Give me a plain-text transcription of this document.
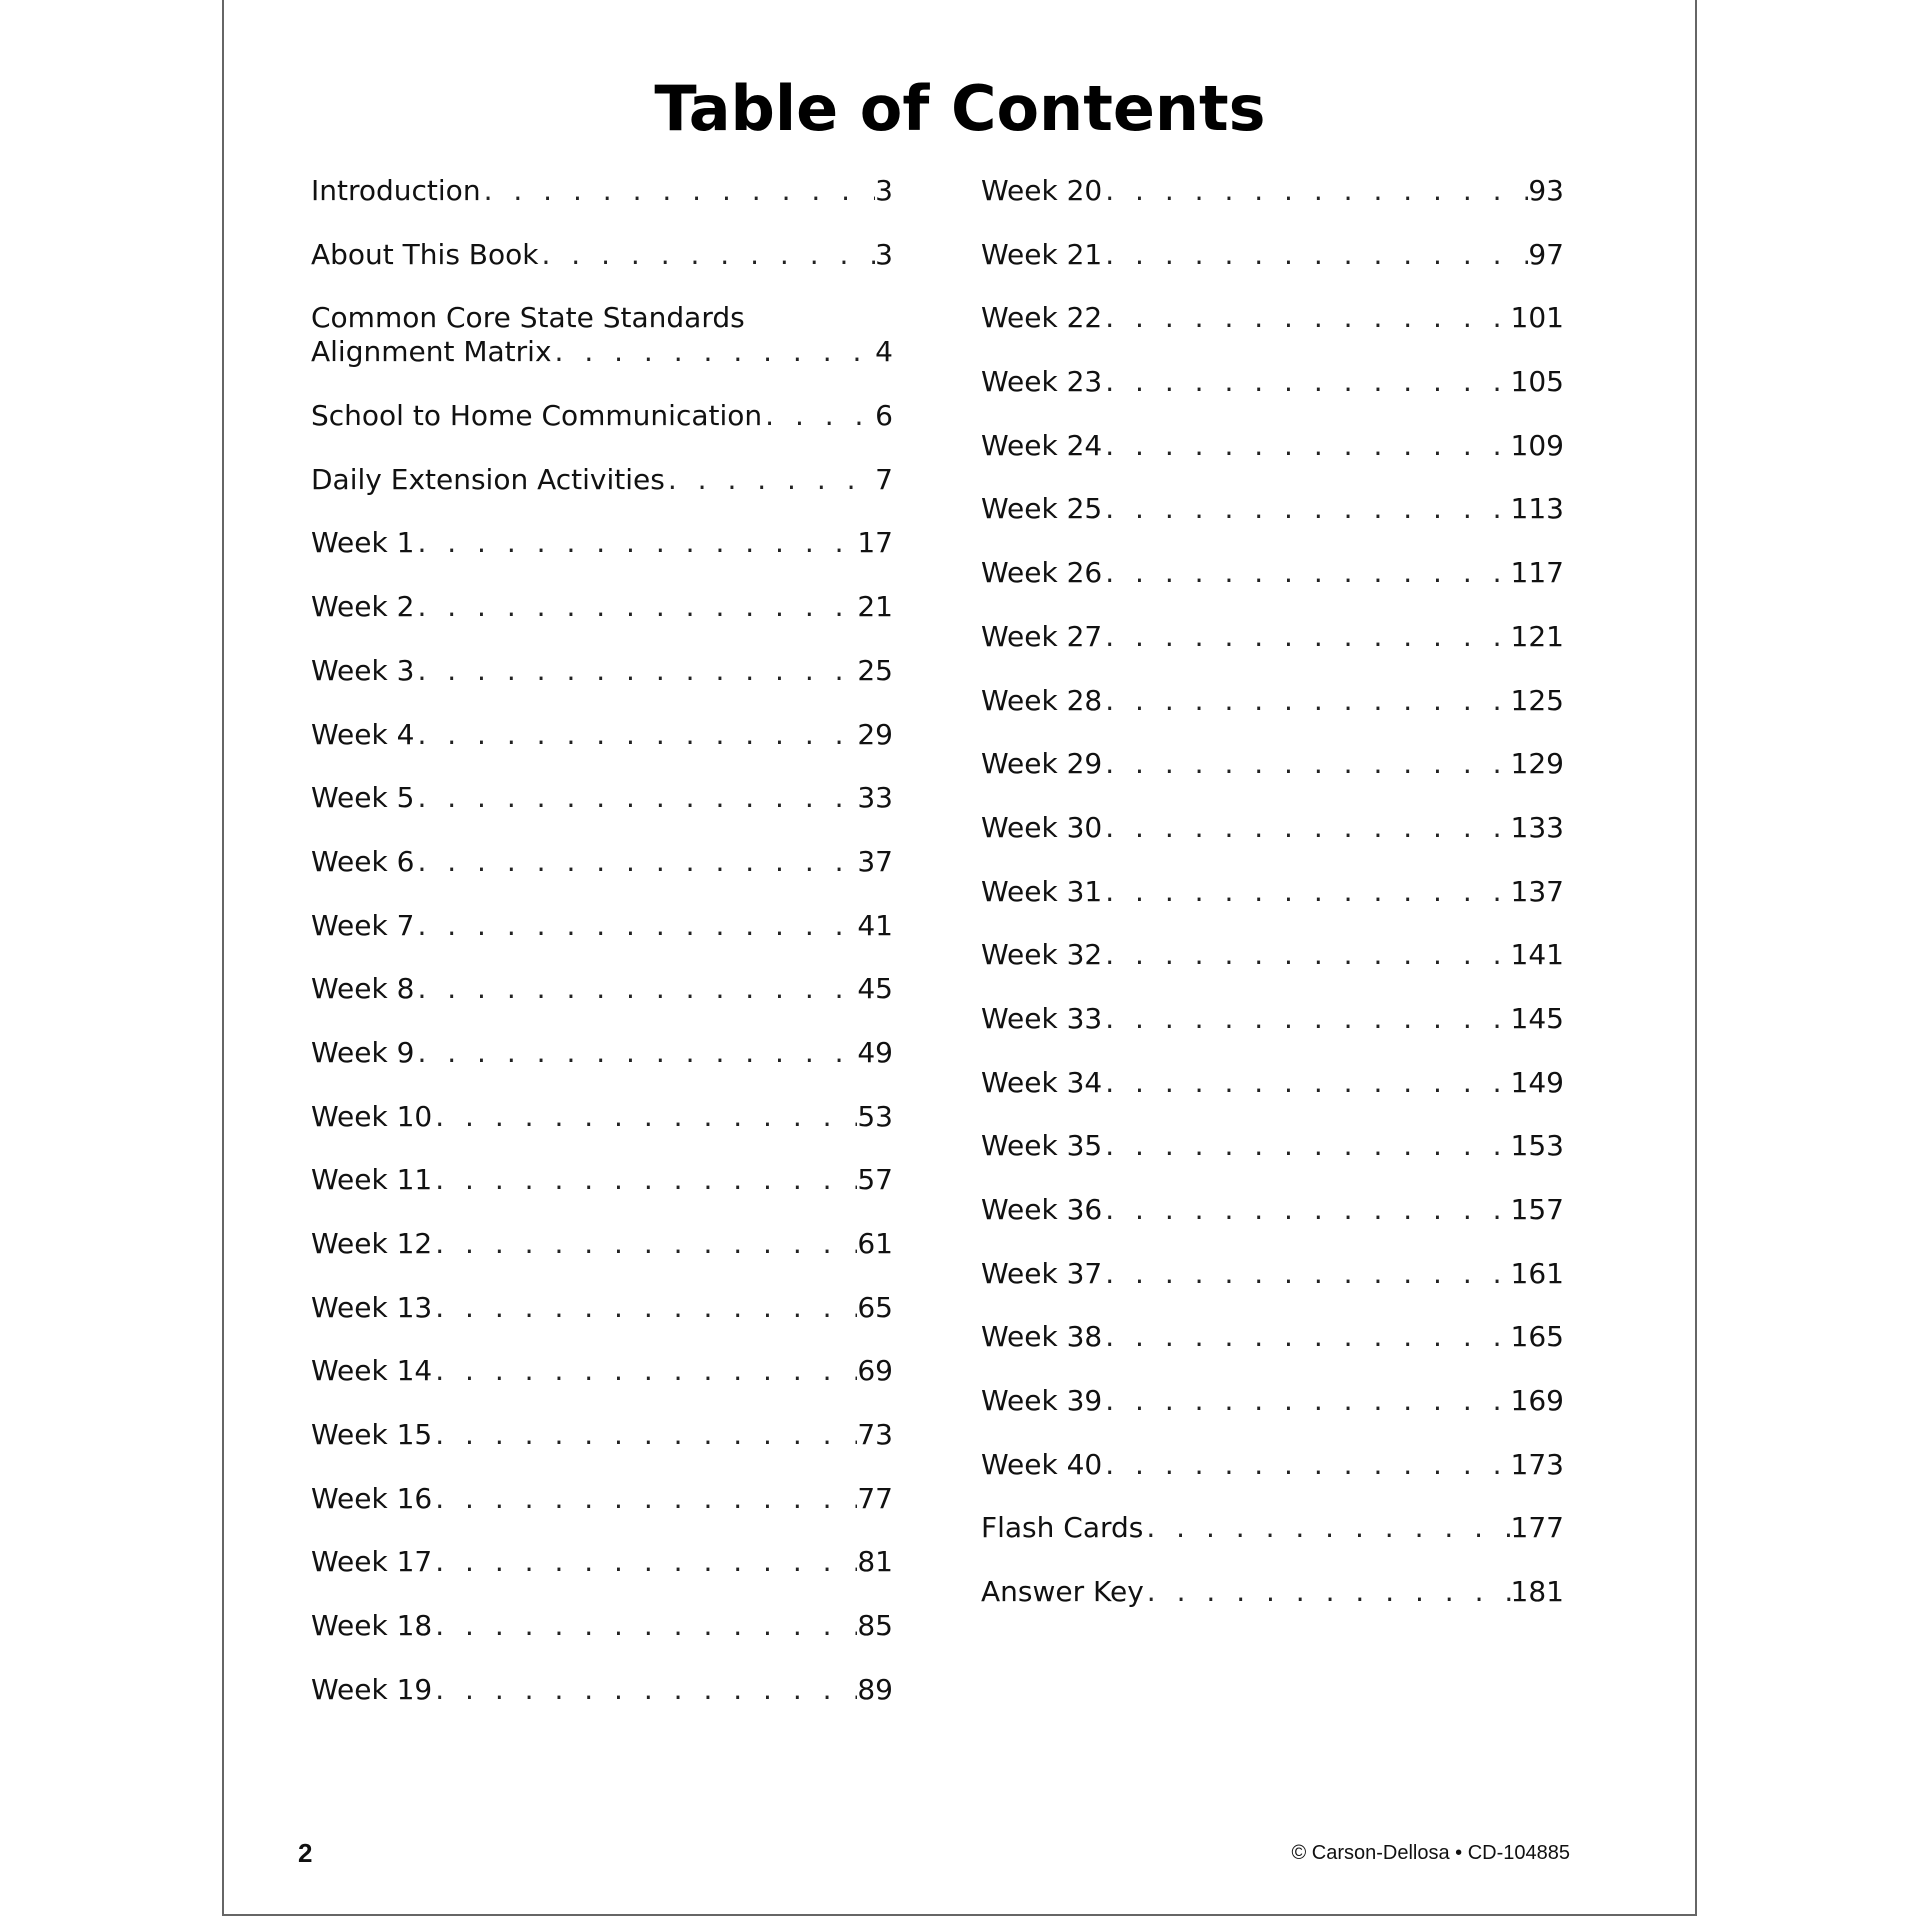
Table of Contents
Introduction . . .	3
About This Book . . .	3
Common Core State Standards
Alignment Matrix . . .	4
School to Home Communication . . .	6
Daily Extension Activities . . .	7
Week 1 . . .	17
Week 2 . . .	21
Week 3 . . .	25
Week 4 . . .	29
Week 5 . . .	33
Week 6 . . .	37
Week 7 . . .	41
Week 8 . . .	45
Week 9 . . .	49
Week 10 . . .	53
Week 11 . . .	57
Week 12 . . .	61
Week 13 . . .	65
Week 14 . . .	69
Week 15 . . .	73
Week 16 . . .	77
Week 17 . . .	81
Week 18 . . .	85
Week 19 . . .	89
Week 20 . . .	93
Week 21 . . .	97
Week 22 . . .	101
Week 23 . . .	105
Week 24 . . .	109
Week 25 . . .	113
Week 26 . . .	117
Week 27 . . .	121
Week 28 . . .	125
Week 29 . . .	129
Week 30 . . .	133
Week 31 . . .	137
Week 32 . . .	141
Week 33 . . .	145
Week 34 . . .	149
Week 35 . . .	153
Week 36 . . .	157
Week 37 . . .	161
Week 38 . . .	165
Week 39 . . .	169
Week 40 . . .	173
Flash Cards . . .	177
Answer Key . . .	181
2	© Carson-Dellosa • CD-104885
